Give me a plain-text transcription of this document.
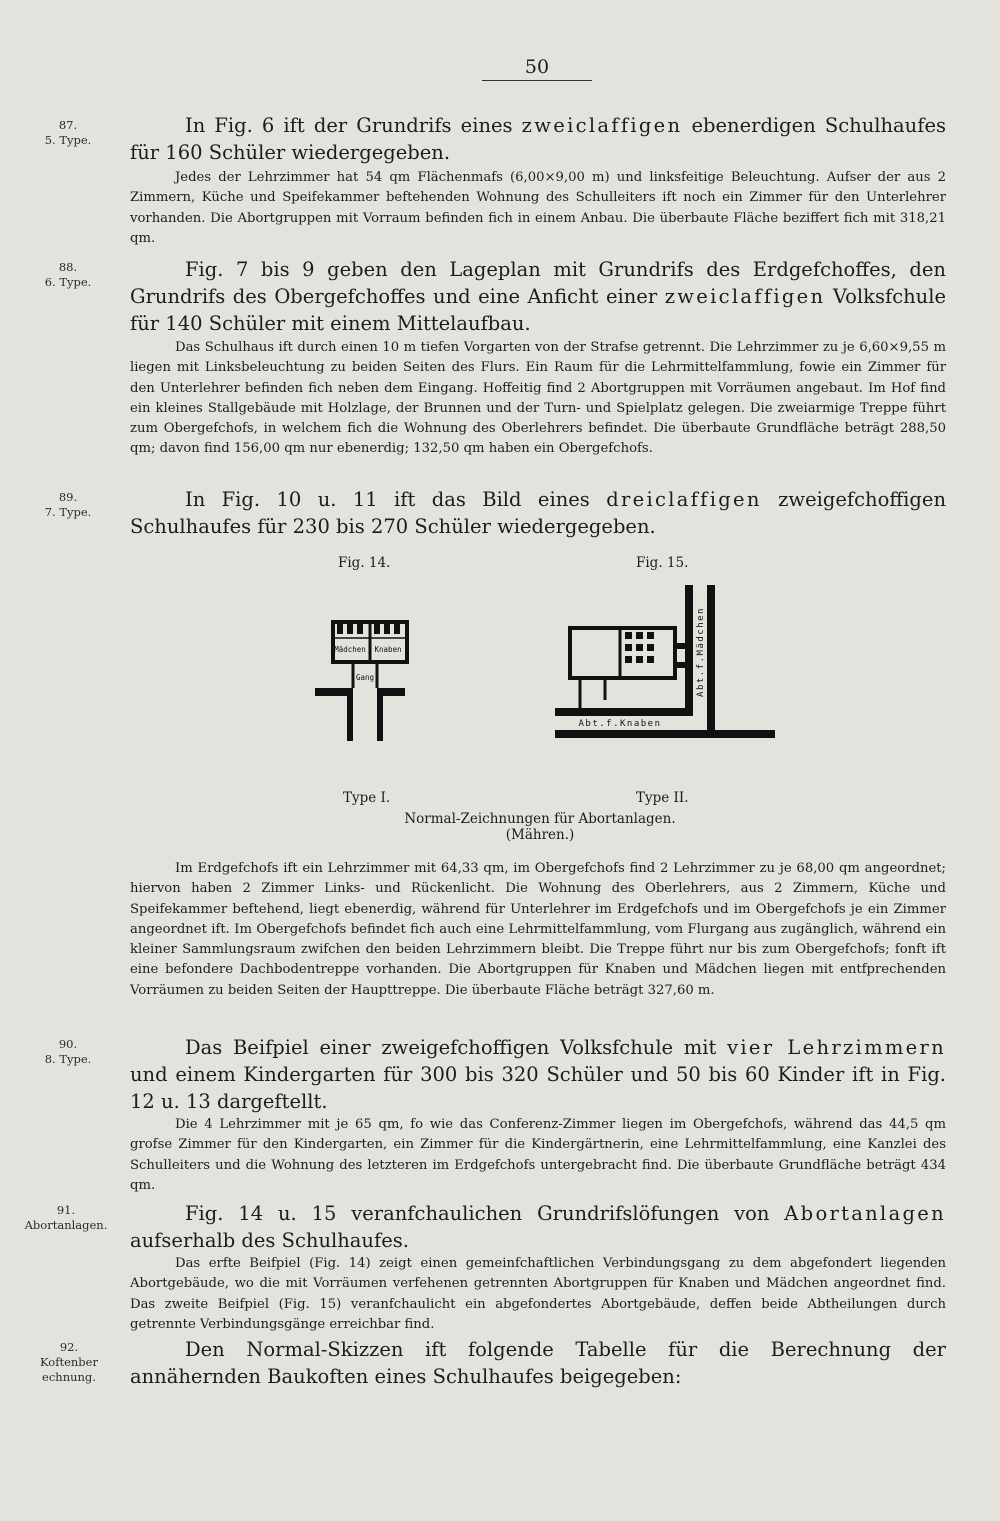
50
87.
5. Type.
In Fig. 6 ift der Grundrifs eines zweiclaffigen ebenerdigen Schulhaufes für 160 Schüler wiedergegeben.
Jedes der Lehrzimmer hat 54 qm Flächenmafs (6,00×9,00 m) und linksfeitige Beleuchtung. Aufser der aus 2 Zimmern, Küche und Speifekammer beftehenden Wohnung des Schulleiters ift noch ein Zimmer für den Unterlehrer vorhanden. Die Abortgruppen mit Vorraum befinden fich in einem Anbau. Die überbaute Fläche beziffert fich mit 318,21 qm.
88.
6. Type.
Fig. 7 bis 9 geben den Lageplan mit Grundrifs des Erdgefchoffes, den Grundrifs des Obergefchoffes und eine Anficht einer zweiclaffigen Volksfchule für 140 Schüler mit einem Mittelaufbau.
Das Schulhaus ift durch einen 10 m tiefen Vorgarten von der Strafse getrennt. Die Lehrzimmer zu je 6,60×9,55 m liegen mit Linksbeleuchtung zu beiden Seiten des Flurs. Ein Raum für die Lehrmittelfammlung, fowie ein Zimmer für den Unterlehrer befinden fich neben dem Eingang. Hoffeitig find 2 Abortgruppen mit Vorräumen angebaut. Im Hof find ein kleines Stallgebäude mit Holzlage, der Brunnen und der Turn- und Spielplatz gelegen. Die zweiarmige Treppe führt zum Obergefchofs, in welchem fich die Wohnung des Oberlehrers befindet. Die überbaute Grundfläche beträgt 288,50 qm; davon find 156,00 qm nur ebenerdig; 132,50 qm haben ein Obergefchofs.
89.
7. Type.
In Fig. 10 u. 11 ift das Bild eines dreiclaffigen zweigefchoffigen Schulhaufes für 230 bis 270 Schüler wiedergegeben.
Fig. 14.	Fig. 15.
Mädchen Knaben
Gang
Abt.f.Knaben
Abt.f.Mädchen
Type I.	Type II.
Normal-Zeichnungen für Abortanlagen.
(Mähren.)
Im Erdgefchofs ift ein Lehrzimmer mit 64,33 qm, im Obergefchofs find 2 Lehrzimmer zu je 68,00 qm angeordnet; hiervon haben 2 Zimmer Links- und Rückenlicht. Die Wohnung des Oberlehrers, aus 2 Zimmern, Küche und Speifekammer beftehend, liegt ebenerdig, während für Unterlehrer im Erdgefchofs und im Obergefchofs je ein Zimmer angeordnet ift. Im Obergefchofs befindet fich auch eine Lehrmittelfammlung, vom Flurgang aus zugänglich, während ein kleiner Sammlungsraum zwifchen den beiden Lehrzimmern bleibt. Die Treppe führt nur bis zum Obergefchofs; fonft ift eine befondere Dachbodentreppe vorhanden. Die Abortgruppen für Knaben und Mädchen liegen mit entfprechenden Vorräumen zu beiden Seiten der Haupttreppe. Die überbaute Fläche beträgt 327,60 m.
90.
8. Type.	Das Beifpiel einer zweigefchoffigen Volksfchule mit vier Lehrzimmern und einem Kindergarten für 300 bis 320 Schüler und 50 bis 60 Kinder ift in Fig. 12 u. 13 dargeftellt.
Die 4 Lehrzimmer mit je 65 qm, fo wie das Conferenz-Zimmer liegen im Obergefchofs, während das 44,5 qm grofse Zimmer für den Kindergarten, ein Zimmer für die Kindergärtnerin, eine Lehrmittelfammlung, eine Kanzlei des Schulleiters und die Wohnung des letzteren im Erdgefchofs untergebracht find. Die überbaute Grundfläche beträgt 434 qm.
91.
Abortanlagen.	Fig. 14 u. 15 veranfchaulichen Grundrifslöfungen von Abortanlagen aufserhalb des Schulhaufes.
Das erfte Beifpiel (Fig. 14) zeigt einen gemeinfchaftlichen Verbindungsgang zu dem abgefondert liegenden Abortgebäude, wo die mit Vorräumen verfehenen getrennten Abortgruppen für Knaben und Mädchen angeordnet find. Das zweite Beifpiel (Fig. 15) veranfchaulicht ein abgefondertes Abortgebäude, deffen beide Abtheilungen durch getrennte Verbindungsgänge erreichbar find.
92.
Koftenberechnung.
Den Normal-Skizzen ift folgende Tabelle für die Berechnung der annähernden Baukoften eines Schulhaufes beigegeben:
